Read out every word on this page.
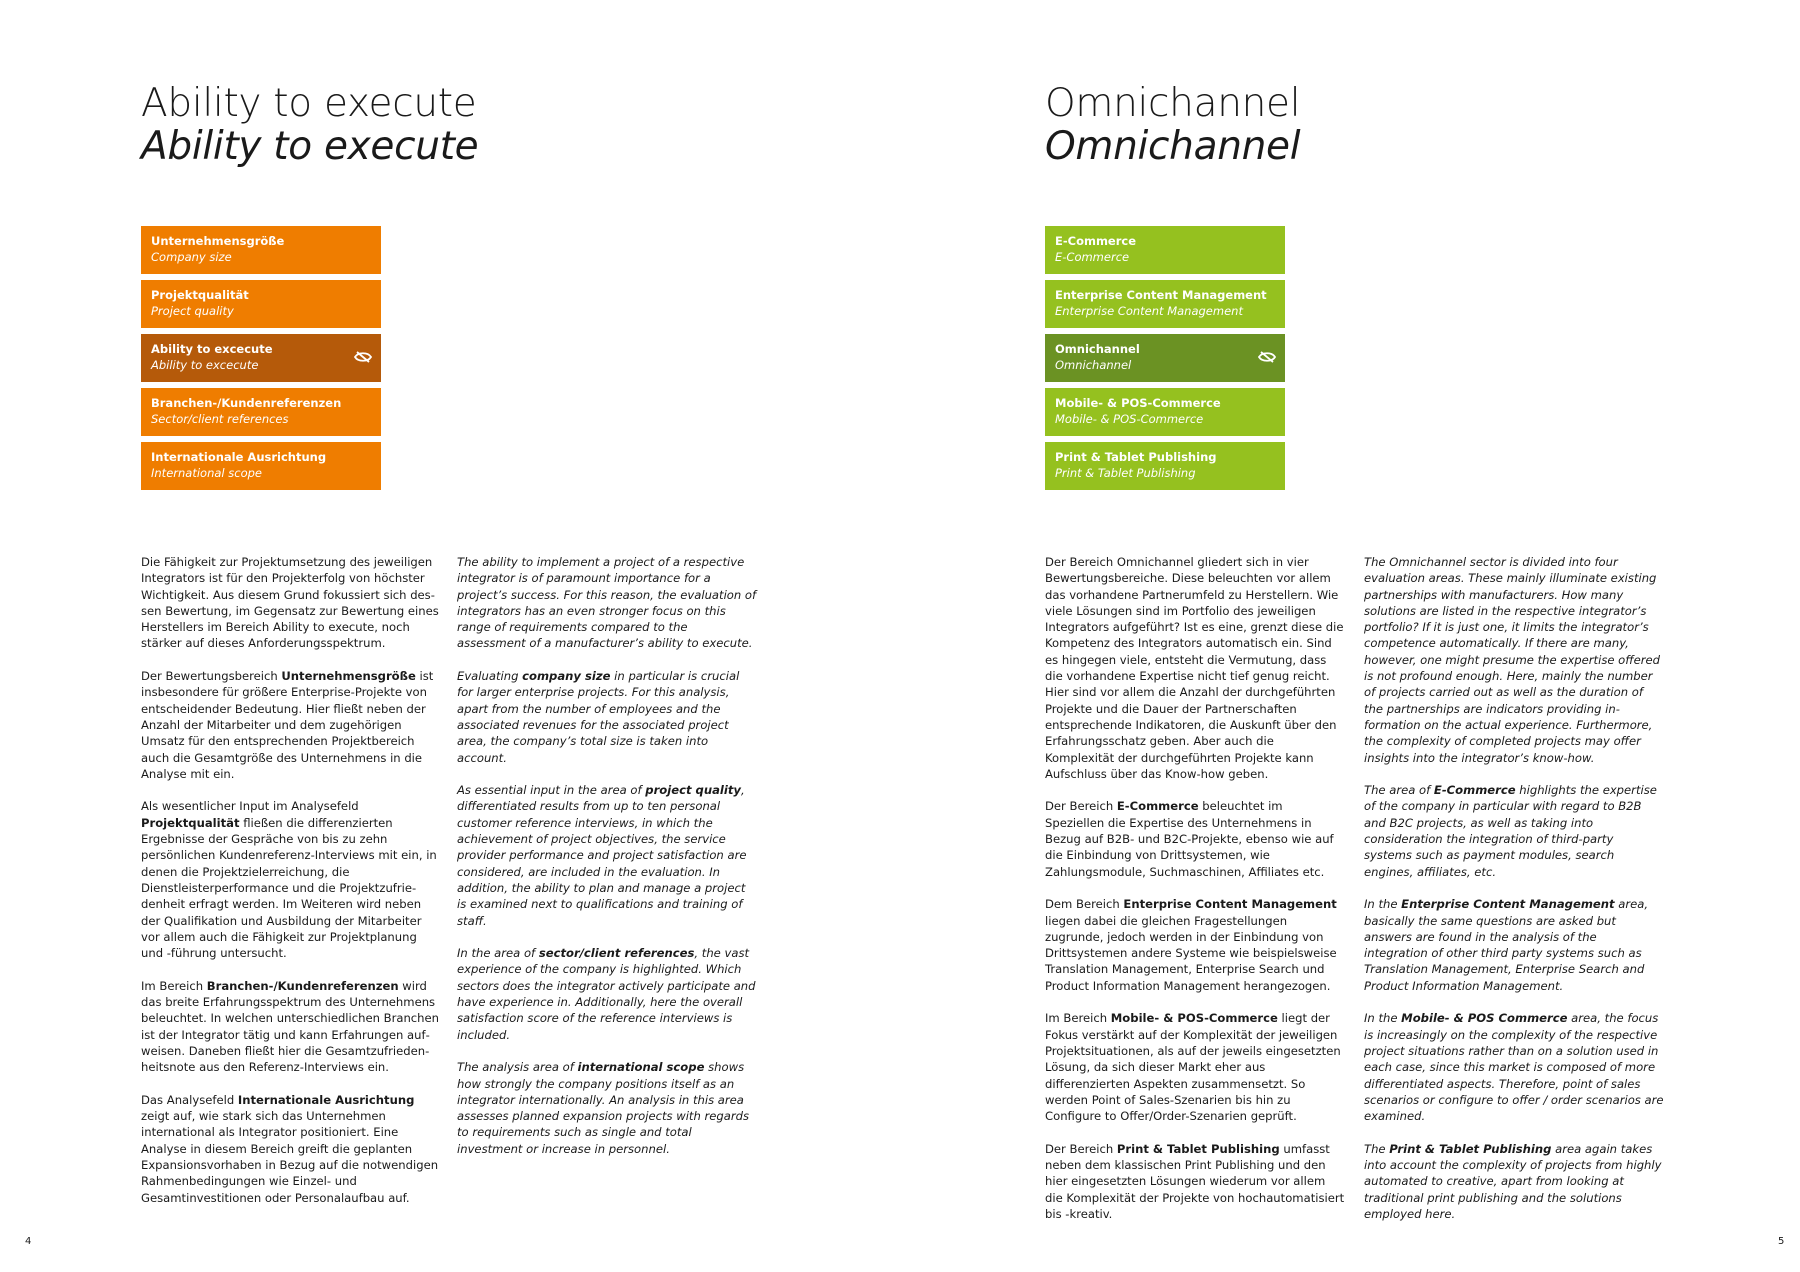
Ability to execute
Ability to execute
Unternehmensgröße
Company size
Projektqualität
Project quality
Ability to excecute
Ability to excecute
Branchen-/Kundenreferenzen
Sector/client references
Internationale Ausrichtung
International scope

Die Fähigkeit zur Projektumsetzung des jeweiligen Integrators ist für den Projekterfolg von höchster Wichtigkeit. Aus diesem Grund fokussiert sich dessen Bewertung, im Gegensatz zur Bewertung eines Herstellers im Bereich Ability to execute, noch stärker auf dieses Anforderungsspektrum.

Der Bewertungsbereich Unternehmensgröße ist insbesondere für größere Enterprise-Projekte von entscheidender Bedeutung. Hier fließt neben der Anzahl der Mitarbeiter und dem zugehörigen Umsatz für den entsprechenden Projektbereich auch die Gesamtgröße des Unternehmens in die Analyse mit ein.

Als wesentlicher Input im Analysefeld Projektqualität fließen die differenzierten Ergebnisse der Gespräche von bis zu zehn persönlichen Kundenreferenz-Interviews mit ein, in denen die Projektzielerreichung, die Dienstleisterperformance und die Projektzufriedenheit erfragt werden. Im Weiteren wird neben der Qualifikation und Ausbildung der Mitarbeiter vor allem auch die Fähigkeit zur Projektplanung und -führung untersucht.

Im Bereich Branchen-/Kundenreferenzen wird das breite Erfahrungsspektrum des Unternehmens beleuchtet. In welchen unterschiedlichen Branchen ist der Integrator tätig und kann Erfahrungen aufweisen. Daneben fließt hier die Gesamtzufriedenheitsnote aus den Referenz-Interviews ein.

Das Analysefeld Internationale Ausrichtung zeigt auf, wie stark sich das Unternehmen international als Integrator positioniert. Eine Analyse in diesem Bereich greift die geplanten Expansionsvorhaben in Bezug auf die notwendigen Rahmenbedingungen wie Einzel- und Gesamtinvestitionen oder Personalaufbau auf.

The ability to implement a project of a respective integrator is of paramount importance for a project’s success. For this reason, the evaluation of integrators has an even stronger focus on this range of requirements compared to the assessment of a manufacturer’s ability to execute.

Evaluating company size in particular is crucial for larger enterprise projects. For this analysis, apart from the number of employees and the associated revenues for the associated project area, the company’s total size is taken into account.

As essential input in the area of project quality, differentiated results from up to ten personal customer reference interviews, in which the achievement of project objectives, the service provider performance and project satisfaction are considered, are included in the evaluation. In addition, the ability to plan and manage a project is examined next to qualifications and training of staff.

In the area of sector/client references, the vast experience of the company is highlighted. Which sectors does the integrator actively participate and have experience in. Additionally, here the overall satisfaction score of the reference interviews is included.

The analysis area of international scope shows how strongly the company positions itself as an integrator internationally. An analysis in this area assesses planned expansion projects with regards to requirements such as single and total investment or increase in personnel.

4
Omnichannel
Omnichannel
E-Commerce
E-Commerce
Enterprise Content Management
Enterprise Content Management
Omnichannel
Omnichannel
Mobile- & POS-Commerce
Mobile- & POS-Commerce
Print & Tablet Publishing
Print & Tablet Publishing

Der Bereich Omnichannel gliedert sich in vier Bewertungsbereiche. Diese beleuchten vor allem das vorhandene Partnerumfeld zu Herstellern. Wie viele Lösungen sind im Portfolio des jeweiligen Integrators aufgeführt? Ist es eine, grenzt diese die Kompetenz des Integrators automatisch ein. Sind es hingegen viele, entsteht die Vermutung, dass die vorhandene Expertise nicht tief genug reicht. Hier sind vor allem die Anzahl der durchgeführten Projekte und die Dauer der Partnerschaften entsprechende Indikatoren, die Auskunft über den Erfahrungsschatz geben. Aber auch die Komplexität der durchgeführten Projekte kann Aufschluss über das Know-how geben.

Der Bereich E-Commerce beleuchtet im Speziellen die Expertise des Unternehmens in Bezug auf B2B- und B2C-Projekte, ebenso wie auf die Einbindung von Drittsystemen, wie Zahlungsmodule, Suchmaschinen, Affiliates etc.

Dem Bereich Enterprise Content Management liegen dabei die gleichen Fragestellungen zugrunde, jedoch werden in der Einbindung von Drittsystemen andere Systeme wie beispielsweise Translation Management, Enterprise Search und Product Information Management herangezogen.

Im Bereich Mobile- & POS-Commerce liegt der Fokus verstärkt auf der Komplexität der jeweiligen Projektsituationen, als auf der jeweils eingesetzten Lösung, da sich dieser Markt eher aus differenzierten Aspekten zusammensetzt. So werden Point of Sales-Szenarien bis hin zu Configure to Offer/Order-Szenarien geprüft.

Der Bereich Print & Tablet Publishing umfasst neben dem klassischen Print Publishing und den hier eingesetzten Lösungen wiederum vor allem die Komplexität der Projekte von hochautomatisiert bis -kreativ.

The Omnichannel sector is divided into four evaluation areas. These mainly illuminate existing partnerships with manufacturers. How many solutions are listed in the respective integrator’s portfolio? If it is just one, it limits the integrator’s competence automatically. If there are many, however, one might presume the expertise offered is not profound enough. Here, mainly the number of projects carried out as well as the duration of the partnerships are indicators providing information on the actual experience. Furthermore, the complexity of completed projects may offer insights into the integrator’s know-how.

The area of E-Commerce highlights the expertise of the company in particular with regard to B2B and B2C projects, as well as taking into consideration the integration of third-party systems such as payment modules, search engines, affiliates, etc.

In the Enterprise Content Management area, basically the same questions are asked but answers are found in the analysis of the integration of other third party systems such as Translation Management, Enterprise Search and Product Information Management.

In the Mobile- & POS Commerce area, the focus is increasingly on the complexity of the respective project situations rather than on a solution used in each case, since this market is composed of more differentiated aspects. Therefore, point of sales scenarios or configure to offer / order scenarios are examined.

The Print & Tablet Publishing area again takes into account the complexity of projects from highly automated to creative, apart from looking at traditional print publishing and the solutions employed here.

5
